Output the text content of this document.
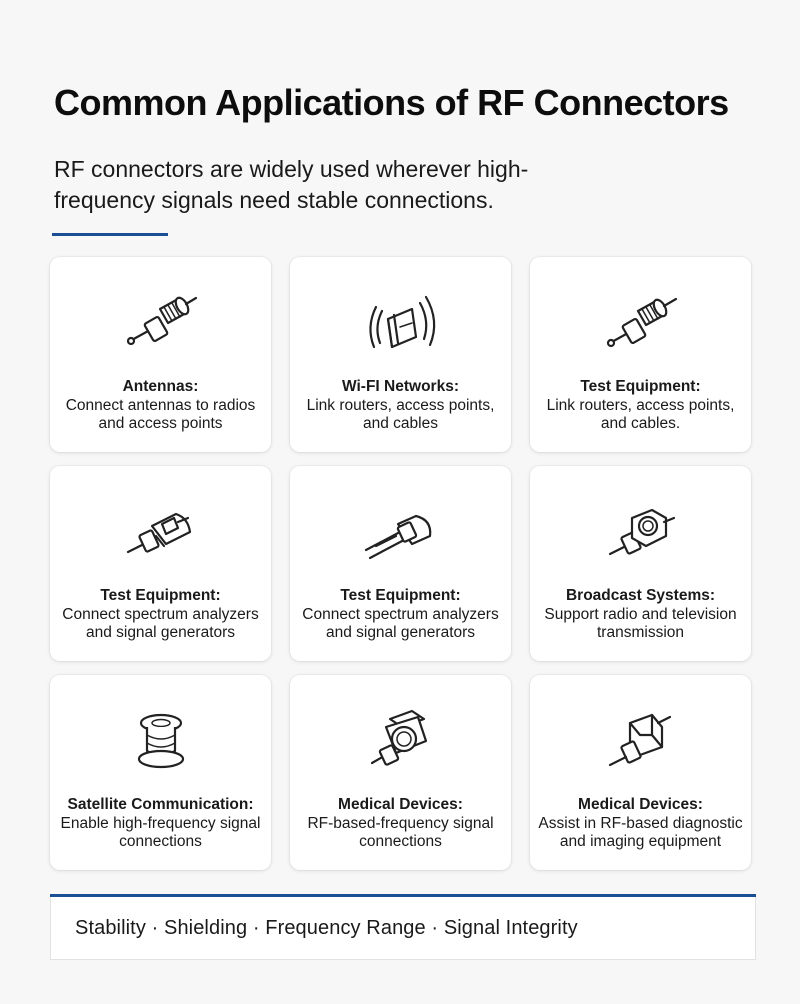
Common Applications of RF Connectors

RF connectors are widely used wherever high-frequency signals need stable connections.

Antennas:
Connect antennas to radios and access points
Wi-FI Networks:
Link routers, access points, and cables
Test Equipment:
Link routers, access points, and cables.
Test Equipment:
Connect spectrum analyzers and signal generators
Test Equipment:
Connect spectrum analyzers and signal generators
Broadcast Systems:
Support radio and television transmission
Satellite Communication:
Enable high-frequency signal connections
Medical Devices:
RF-based-frequency signal connections
Medical Devices:
Assist in RF-based diagnostic and imaging equipment
Stability · Shielding · Frequency Range · Signal Integrity
